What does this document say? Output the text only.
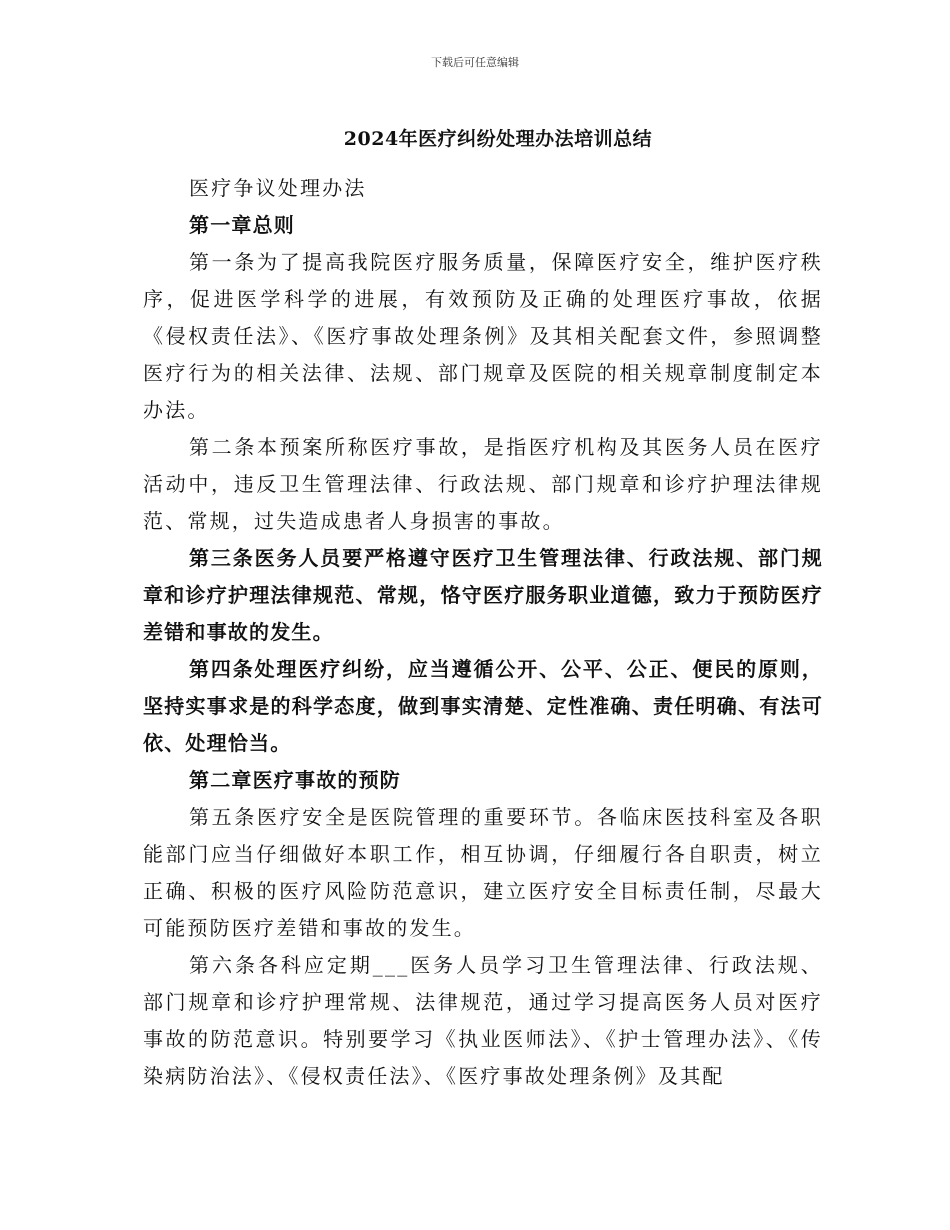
下载后可任意编辑
2024年医疗纠纷处理办法培训总结

医疗争议处理办法

第一章总则

第一条为了提高我院医疗服务质量，保障医疗安全，维护医疗秩序，促进医学科学的进展，有效预防及正确的处理医疗事故，依据《侵权责任法》、《医疗事故处理条例》及其相关配套文件，参照调整医疗行为的相关法律、法规、部门规章及医院的相关规章制度制定本办法。

第二条本预案所称医疗事故，是指医疗机构及其医务人员在医疗活动中，违反卫生管理法律、行政法规、部门规章和诊疗护理法律规范、常规，过失造成患者人身损害的事故。

第三条医务人员要严格遵守医疗卫生管理法律、行政法规、部门规章和诊疗护理法律规范、常规，恪守医疗服务职业道德，致力于预防医疗差错和事故的发生。

第四条处理医疗纠纷，应当遵循公开、公平、公正、便民的原则，坚持实事求是的科学态度，做到事实清楚、定性准确、责任明确、有法可依、处理恰当。

第二章医疗事故的预防

第五条医疗安全是医院管理的重要环节。各临床医技科室及各职能部门应当仔细做好本职工作，相互协调，仔细履行各自职责，树立正确、积极的医疗风险防范意识，建立医疗安全目标责任制，尽最大可能预防医疗差错和事故的发生。

第六条各科应定期___医务人员学习卫生管理法律、行政法规、部门规章和诊疗护理常规、法律规范，通过学习提高医务人员对医疗事故的防范意识。特别要学习《执业医师法》、《护士管理办法》、《传染病防治法》、《侵权责任法》、《医疗事故处理条例》及其配
